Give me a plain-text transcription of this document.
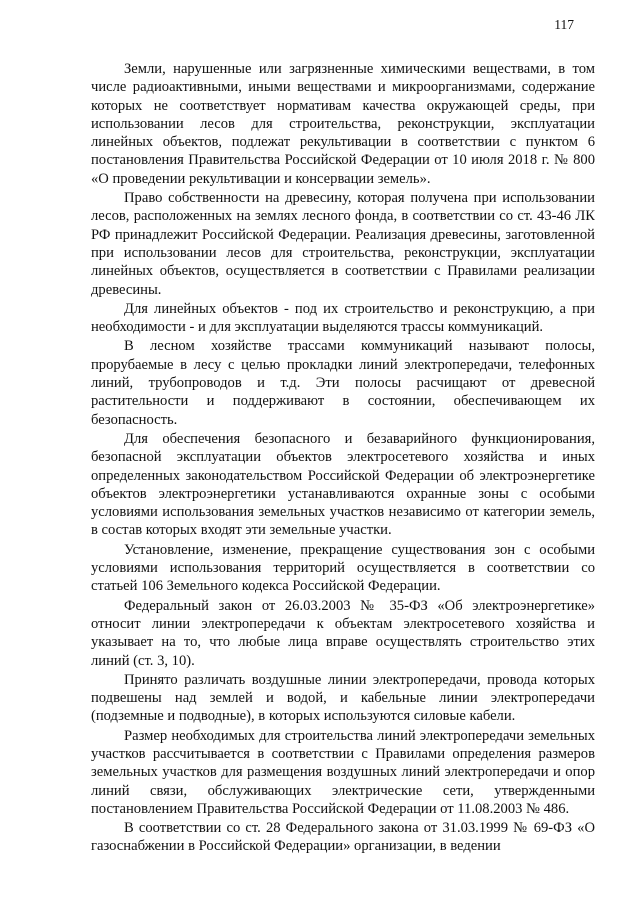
117

Земли, нарушенные или загрязненные химическими веществами, в том числе радиоактивными, иными веществами и микроорганизмами, содержание которых не соответствует нормативам качества окружающей среды, при использовании лесов для строительства, реконструкции, эксплуатации линейных объектов, подлежат рекультивации в соответствии с пунктом 6 постановления Правительства Российской Федерации от 10 июля 2018 г. № 800 «О проведении рекультивации и консервации земель».

Право собственности на древесину, которая получена при использовании лесов, расположенных на землях лесного фонда, в соответствии со ст. 43-46 ЛК РФ принадлежит Российской Федерации. Реализация древесины, заготовленной при использовании лесов для строительства, реконструкции, эксплуатации линейных объектов, осуществляется в соответствии с Правилами реализации древесины.

Для линейных объектов - под их строительство и реконструкцию, а при необходимости - и для эксплуатации выделяются трассы коммуникаций.

В лесном хозяйстве трассами коммуникаций называют полосы, прорубаемые в лесу с целью прокладки линий электропередачи, телефонных линий, трубопроводов и т.д. Эти полосы расчищают от древесной растительности и поддерживают в состоянии, обеспечивающем их безопасность.

Для обеспечения безопасного и безаварийного функционирования, безопасной эксплуатации объектов электросетевого хозяйства и иных определенных законодательством Российской Федерации об электроэнергетике объектов электроэнергетики устанавливаются охранные зоны с особыми условиями использования земельных участков независимо от категории земель, в состав которых входят эти земельные участки.

Установление, изменение, прекращение существования зон с особыми условиями использования территорий осуществляется в соответствии со статьей 106 Земельного кодекса Российской Федерации.

Федеральный закон от 26.03.2003 № 35-ФЗ «Об электроэнергетике» относит линии электропередачи к объектам электросетевого хозяйства и указывает на то, что любые лица вправе осуществлять строительство этих линий (ст. 3, 10).

Принято различать воздушные линии электропередачи, провода которых подвешены над землей и водой, и кабельные линии электропередачи (подземные и подводные), в которых используются силовые кабели.

Размер необходимых для строительства линий электропередачи земельных участков рассчитывается в соответствии с Правилами определения размеров земельных участков для размещения воздушных линий электропередачи и опор линий связи, обслуживающих электрические сети, утвержденными постановлением Правительства Российской Федерации от 11.08.2003 № 486.

В соответствии со ст. 28 Федерального закона от 31.03.1999 № 69-ФЗ «О газоснабжении в Российской Федерации» организации, в ведении
